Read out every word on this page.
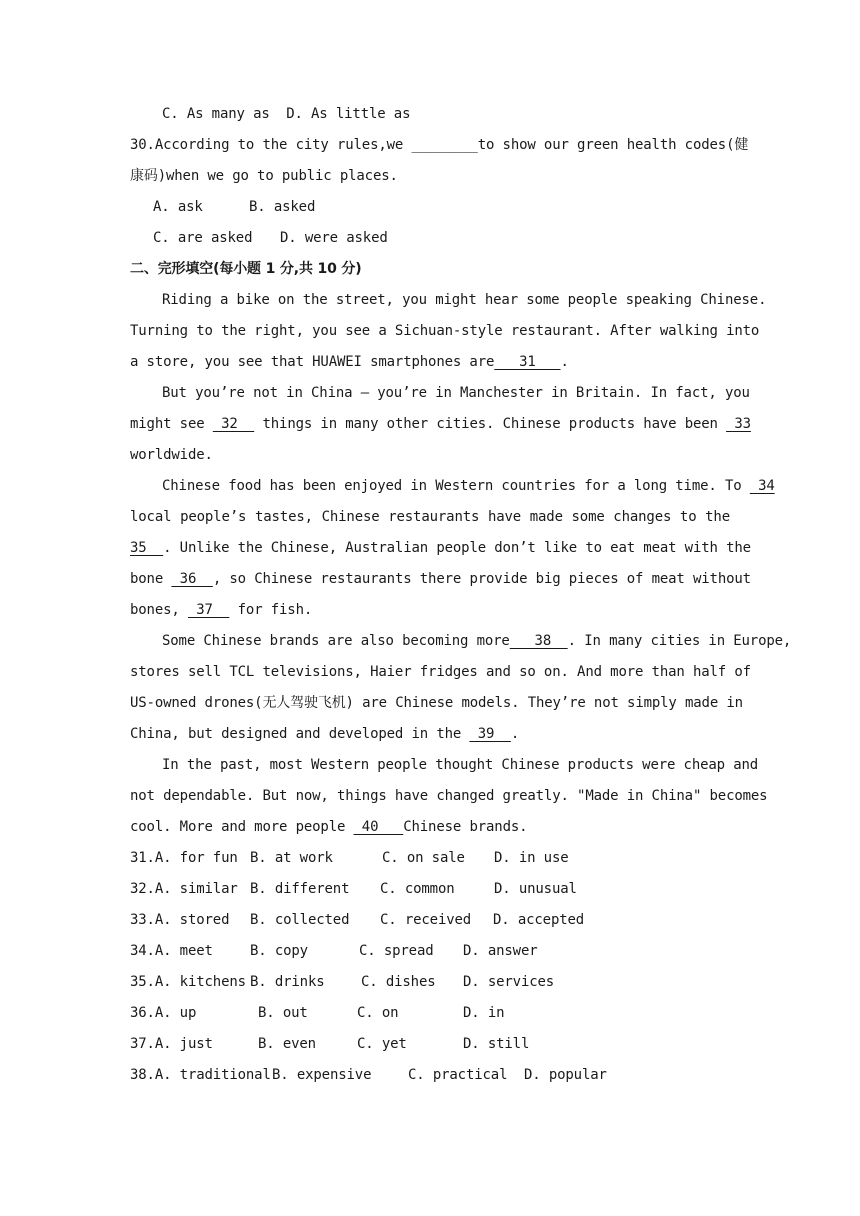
C. As many as D. As little as
30.According to the city rules,we ________to show our green health codes(健
康码)when we go to public places.
A. ask	B. asked
C. are asked	D. were asked
二、完形填空(每小题 1 分,共 10 分)
Riding a bike on the street, you might hear some people speaking Chinese.
Turning to the right, you see a Sichuan-style restaurant. After walking into
a store, you see that HUAWEI smartphones are   31   .
But you’re not in China — you’re in Manchester in Britain. In fact, you
might see  32   things in many other cities. Chinese products have been  33
worldwide.
Chinese food has been enjoyed in Western countries for a long time. To  34
local people’s tastes, Chinese restaurants have made some changes to the
35  . Unlike the Chinese, Australian people don’t like to eat meat with the
bone  36  , so Chinese restaurants there provide big pieces of meat without
bones,  37   for fish.
Some Chinese brands are also becoming more   38  . In many cities in Europe,
stores sell TCL televisions, Haier fridges and so on. And more than half of
US-owned drones(无人驾驶飞机) are Chinese models. They’re not simply made in
China, but designed and developed in the  39  .
In the past, most Western people thought Chinese products were cheap and
not dependable. But now, things have changed greatly. "Made in China" becomes
cool. More and more people  40   Chinese brands.
31.A. for fun B. at work	C. on sale	D. in use
32.A. similar B. different	C. common	D. unusual
33.A. stored	B. collected	C. received	D. accepted
34.A. meet	B. copy	C. spread	D. answer
35.A. kitchens B. drinks	C. dishes	D. services
36.A. up	B. out	C. on	D. in
37.A. just	B. even	C. yet	D. still
38.A. traditional B. expensive	C. practical	D. popular
